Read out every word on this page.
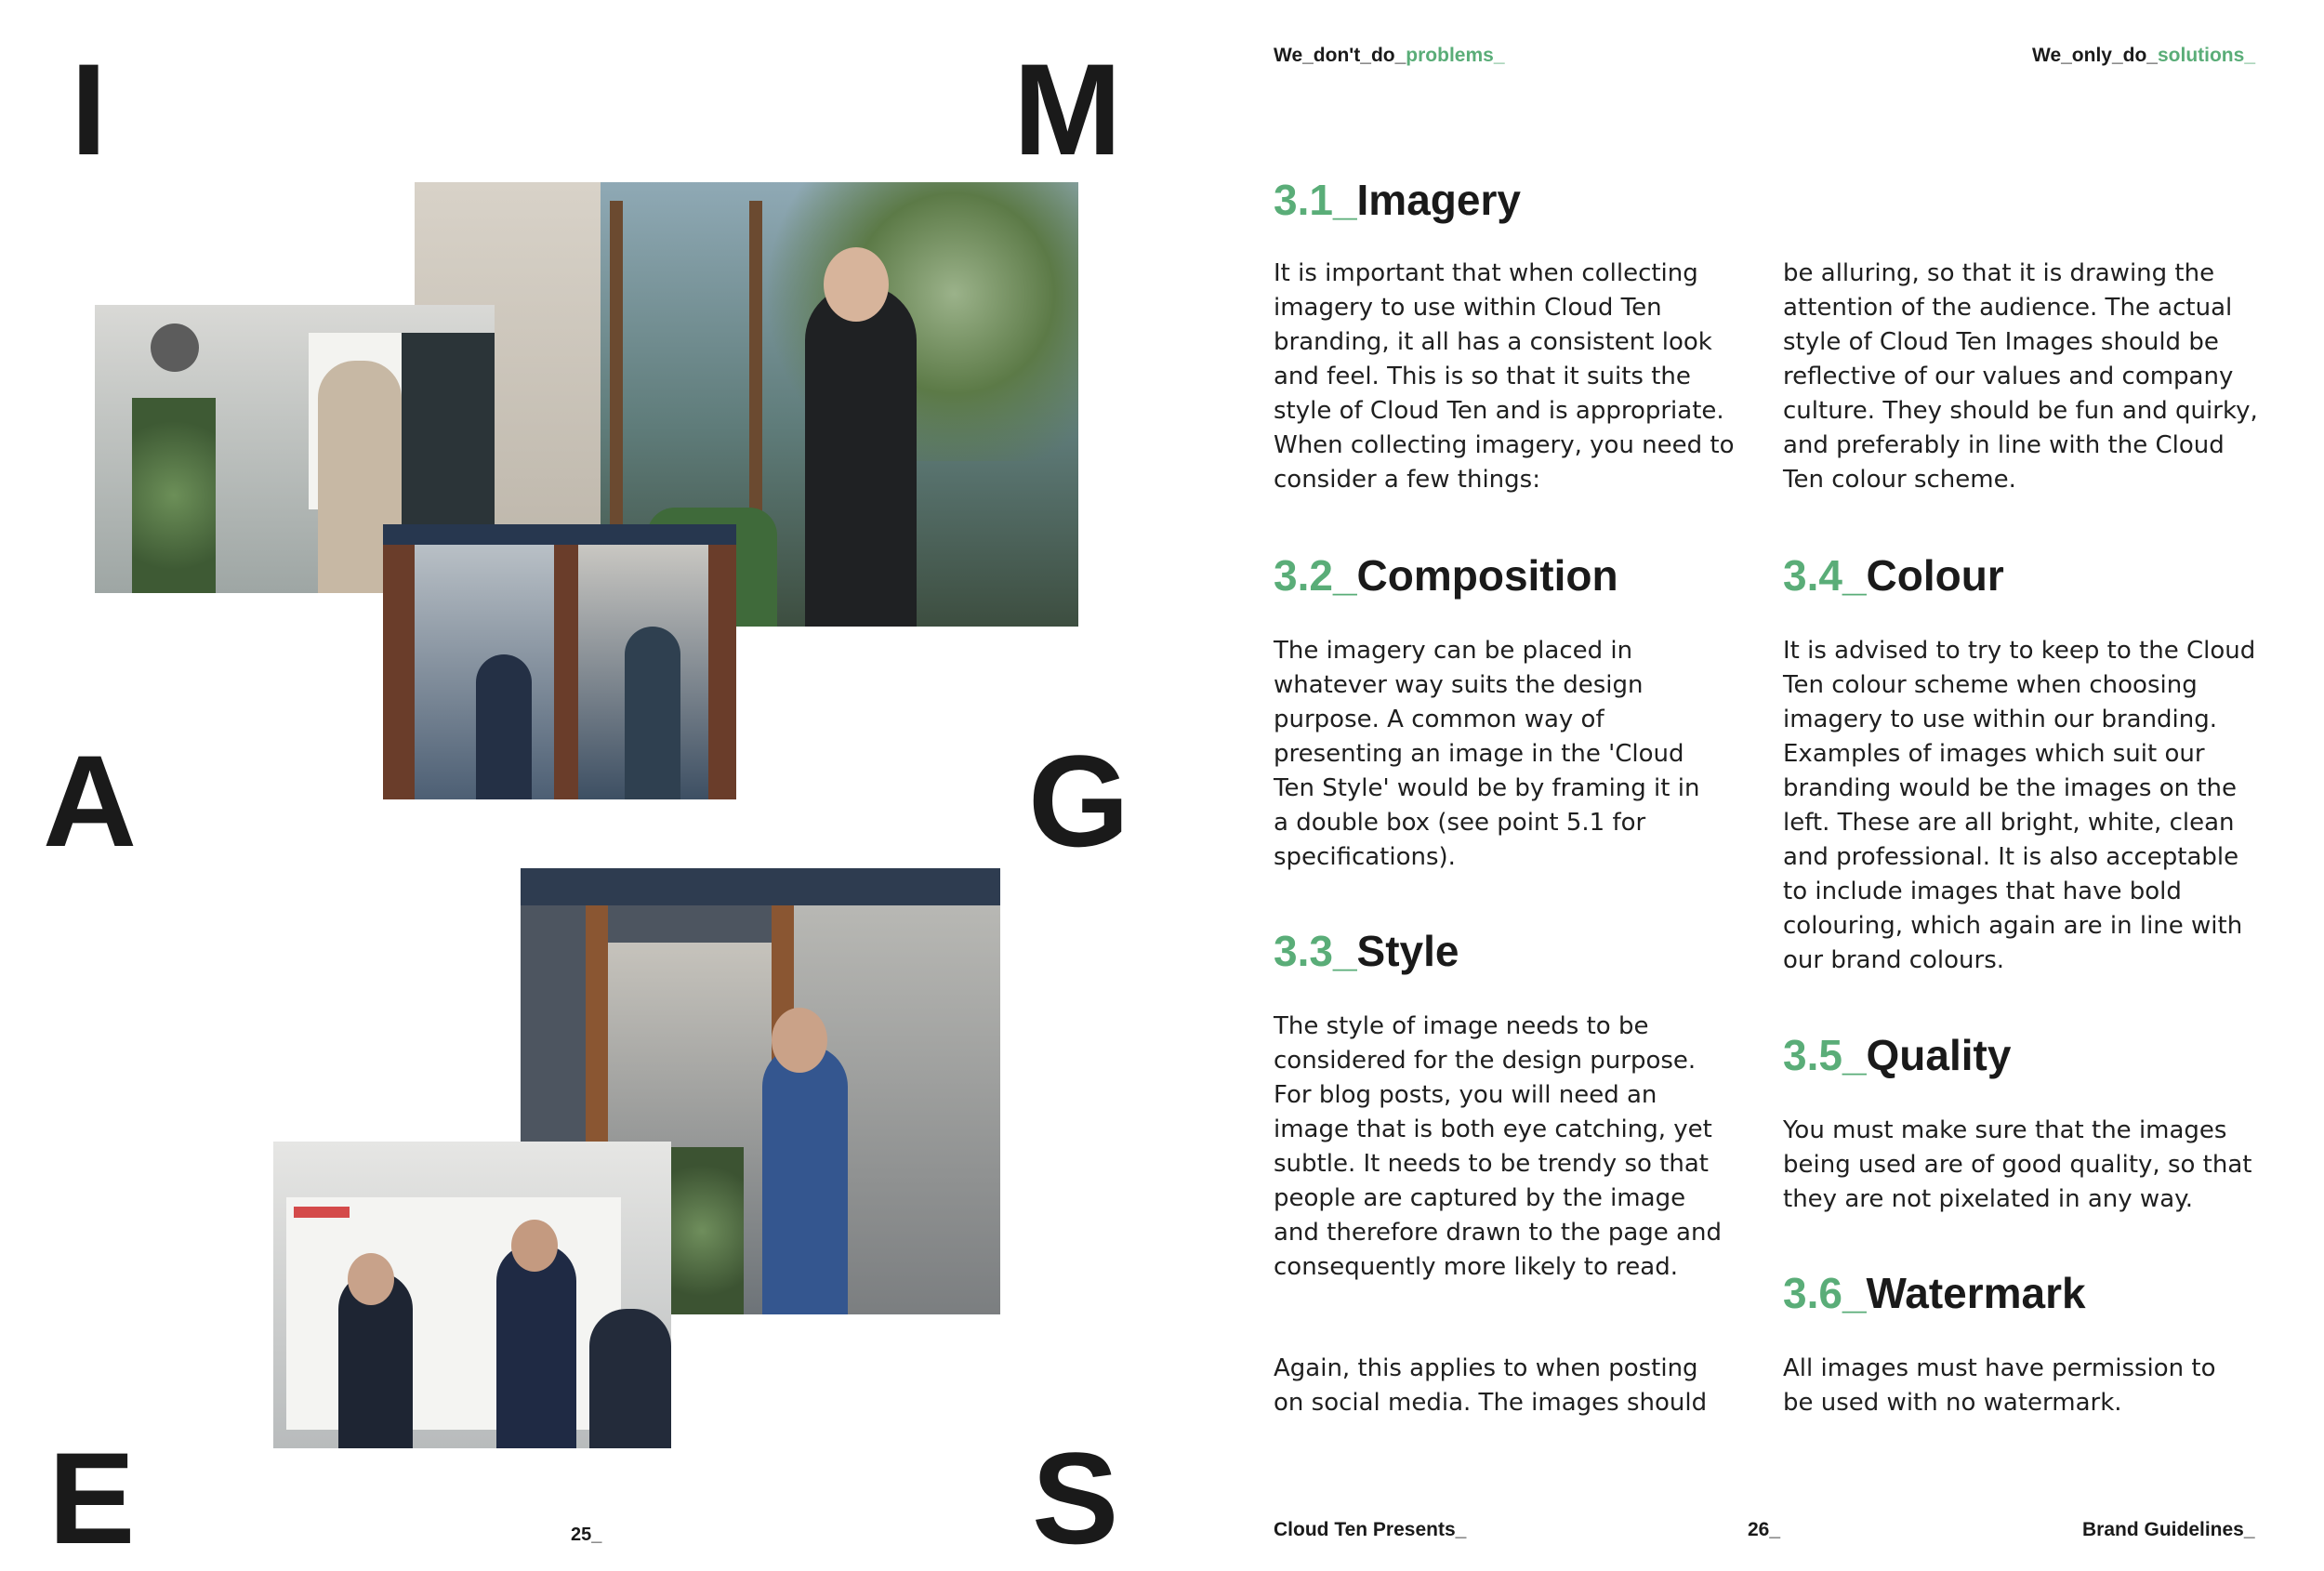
I	M
A	G
E	S
25_
We_don't_do_problems_	We_only_do_solutions_
3.1_Imagery

It is important that when collecting imagery to use within Cloud Ten branding, it all has a consistent look and feel. This is so that it suits the style of Cloud Ten and is appropriate. When collecting imagery, you need to consider a few things:

be alluring, so that it is drawing the attention of the audience. The actual style of Cloud Ten Images should be reflective of our values and company culture. They should be fun and quirky, and preferably in line with the Cloud Ten colour scheme.

3.2_Composition

The imagery can be placed in whatever way suits the design purpose. A common way of presenting an image in the 'Cloud Ten Style' would be by framing it in a double box (see point 5.1 for specifications).

3.3_Style

The style of image needs to be considered for the design purpose. For blog posts, you will need an image that is both eye catching, yet subtle. It needs to be trendy so that people are captured by the image and therefore drawn to the page and consequently more likely to read.

Again, this applies to when posting on social media. The images should

3.4_Colour

It is advised to try to keep to the Cloud Ten colour scheme when choosing imagery to use within our branding. Examples of images which suit our branding would be the images on the left. These are all bright, white, clean and professional. It is also acceptable to include images that have bold colouring, which again are in line with our brand colours.

3.5_Quality

You must make sure that the images being used are of good quality, so that they are not pixelated in any way.

3.6_Watermark

All images must have permission to be used with no watermark.

Cloud Ten Presents_	26_	Brand Guidelines_
